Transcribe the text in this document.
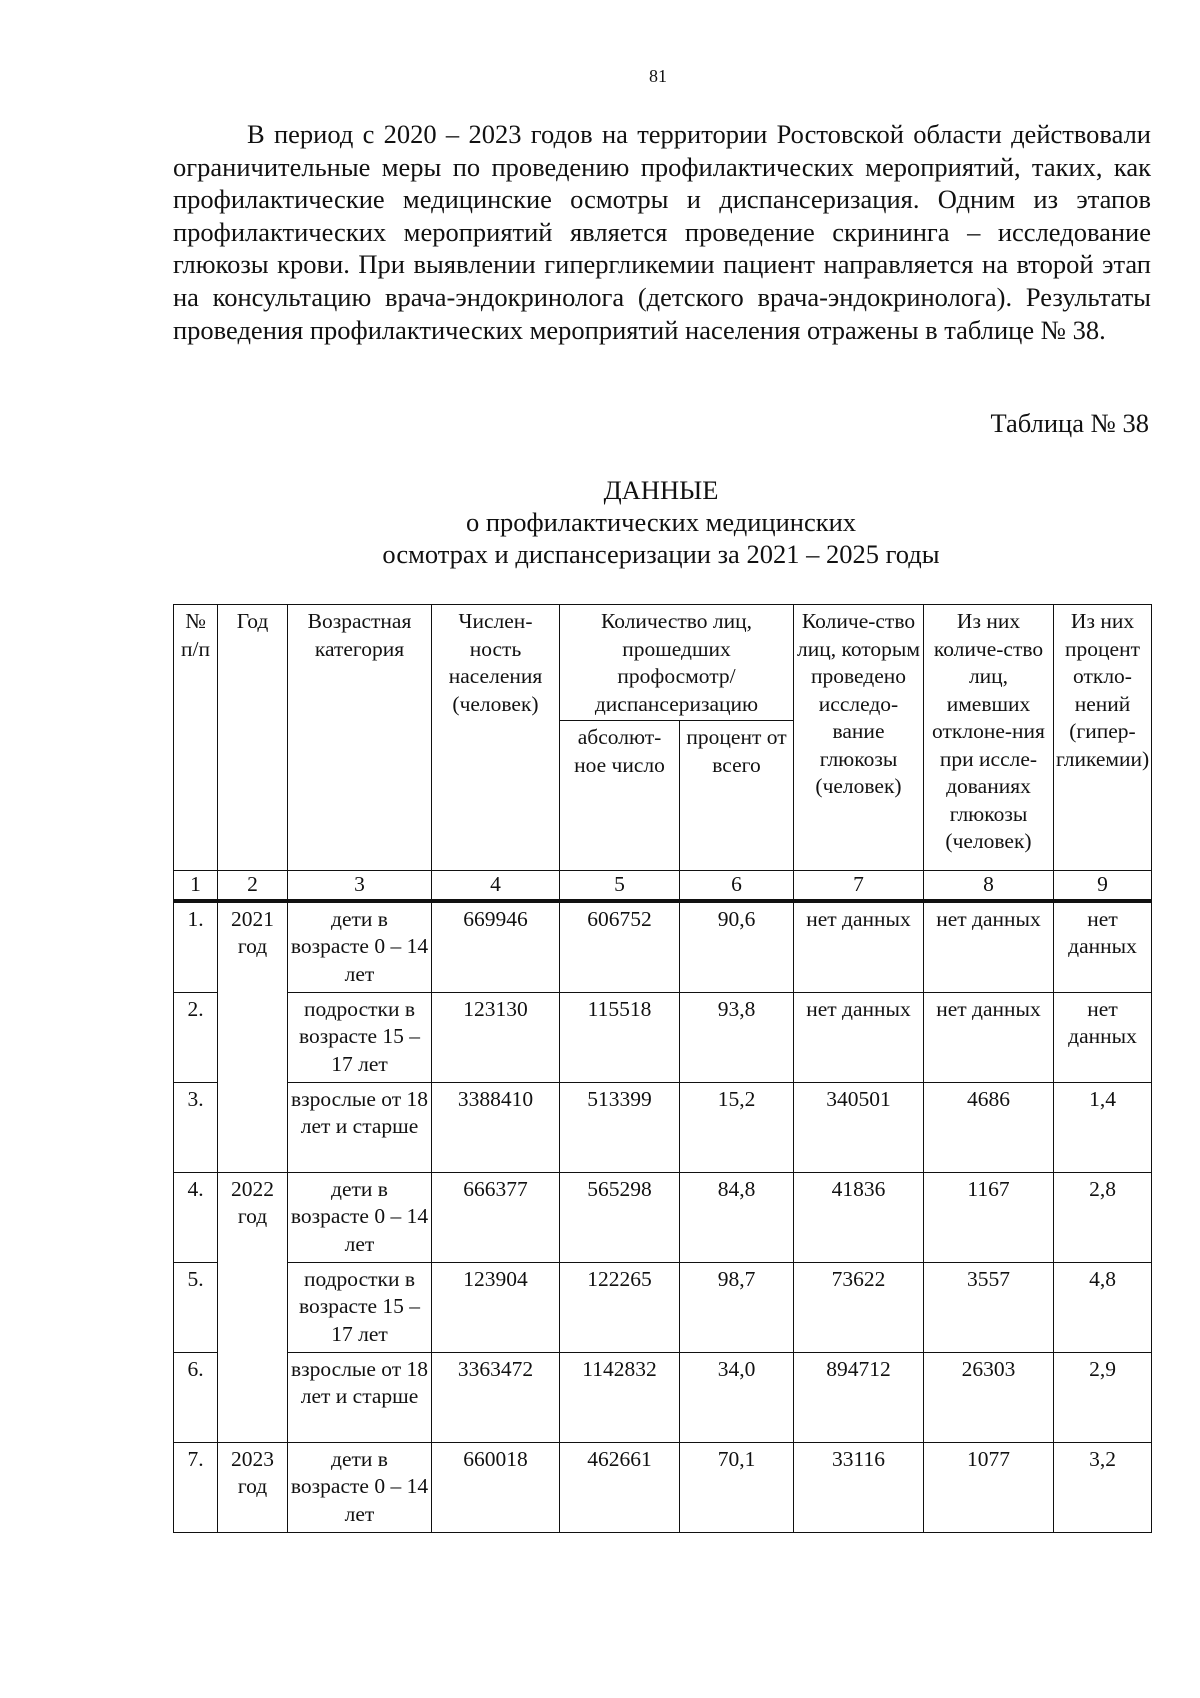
81

В период с 2020 – 2023 годов на территории Ростовской области действовали ограничительные меры по проведению профилактических мероприятий, таких, как профилактические медицинские осмотры и диспансеризация. Одним из этапов профилактических мероприятий является проведение скрининга – исследование глюкозы крови. При выявлении гипергликемии пациент направляется на второй этап на консультацию врача-эндокринолога (детского врача-эндокринолога). Результаты проведения профилактических мероприятий населения отражены в таблице № 38.

Таблица № 38
ДАННЫЕ
о профилактических медицинских
осмотрах и диспансеризации за 2021 – 2025 годы
№ п/п	Год	Возрастная категория	Числен-ность населения (человек)	Количество лиц, прошедших профосмотр/ диспансеризацию		Количе-ство лиц, которым проведено исследо-вание глюкозы (человек)	Из них количе-ство лиц, имевших отклоне-ния при иссле-дованиях глюкозы (человек)	Из них процент откло-нений (гипер-гликемии)
				абсолют-ное число	процент от всего			
1	2	3	4	5	6	7	8	9
1.	2021 год	дети в возрасте 0 – 14 лет	669946	606752	90,6	нет данных	нет данных	нет данных
2.		подростки в возрасте 15 – 17 лет	123130	115518	93,8	нет данных	нет данных	нет данных
3.		взрослые от 18 лет и старше	3388410	513399	15,2	340501	4686	1,4
4.	2022 год	дети в возрасте 0 – 14 лет	666377	565298	84,8	41836	1167	2,8
5.		подростки в возрасте 15 – 17 лет	123904	122265	98,7	73622	3557	4,8
6.		взрослые от 18 лет и старше	3363472	1142832	34,0	894712	26303	2,9
7.	2023 год	дети в возрасте 0 – 14 лет	660018	462661	70,1	33116	1077	3,2
